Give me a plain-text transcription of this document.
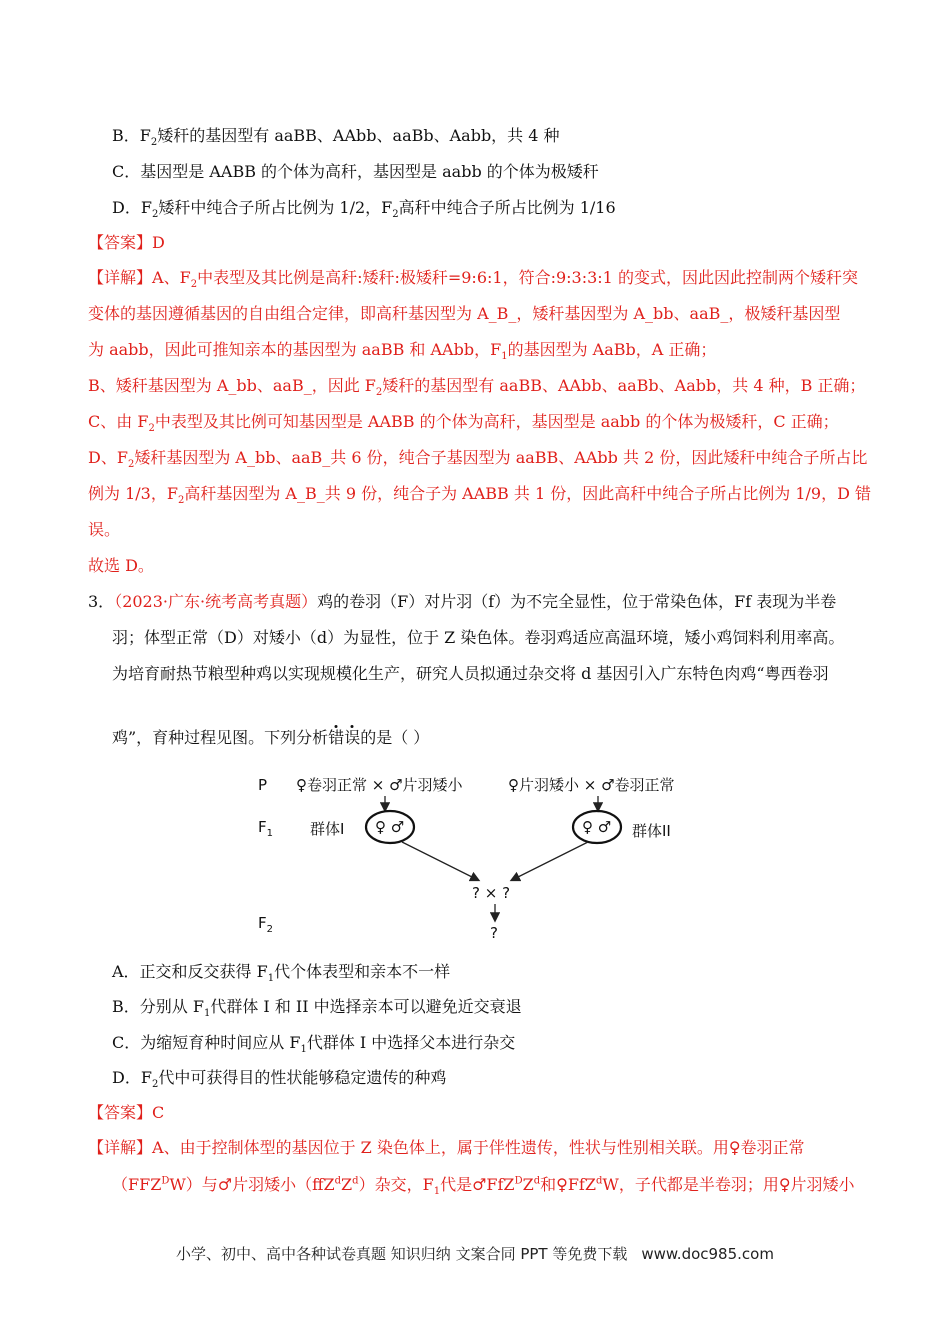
B．$F_2$矮秆的基因型有 aaBB、AAbb、aaBb、Aabb，共 4 种
C．基因型是 AABB 的个体为高秆，基因型是 aabb 的个体为极矮秆
D．$F_2$矮秆中纯合子所占比例为 1/2，$F_2$高秆中纯合子所占比例为 1/16
【答案】D
【详解】A、$F_2$中表型及其比例是高秆:矮秆:极矮秆=9:6:1，符合:9:3:3:1 的变式，因此因此控制两个矮秆突
变体的基因遵循基因的自由组合定律，即高秆基因型为 A_B_，矮秆基因型为 A_bb、aaB_，极矮秆基因型
为 aabb，因此可推知亲本的基因型为 aaBB 和 AAbb，$F_1$的基因型为 AaBb，A 正确；
B、矮秆基因型为 A_bb、aaB_，因此 $F_2$矮秆的基因型有 aaBB、AAbb、aaBb、Aabb，共 4 种，B 正确；
C、由 $F_2$中表型及其比例可知基因型是 AABB 的个体为高秆，基因型是 aabb 的个体为极矮秆，C 正确；
D、$F_2$矮秆基因型为 A_bb、aaB_共 6 份，纯合子基因型为 aaBB、AAbb 共 2 份，因此矮秆中纯合子所占比
例为 1/3，$F_2$高秆基因型为 A_B_共 9 份，纯合子为 AABB 共 1 份，因此高秆中纯合子所占比例为 1/9，D 错
误。
故选 D。
3．（2023·广东·统考高考真题）鸡的卷羽（F）对片羽（f）为不完全显性，位于常染色体，Ff 表现为半卷
羽；体型正常（D）对矮小（d）为显性，位于 Z 染色体。卷羽鸡适应高温环境，矮小鸡饲料利用率高。
为培育耐热节粮型种鸡以实现规模化生产，研究人员拟通过杂交将 d 基因引入广东特色肉鸡“粤西卷羽
鸡”，育种过程见图。下列分析错误的是（ ）
P ♀卷羽正常 × ♂片羽矮小	♀片羽矮小 × ♂卷羽正常
$F_1$ 群体I	群体II
♀ ♂	♀ ♂
? × ?
$F_2$	?
A．正交和反交获得 $F_1$代个体表型和亲本不一样
B．分别从 $F_1$代群体 I 和 II 中选择亲本可以避免近交衰退
C．为缩短育种时间应从 $F_1$代群体 I 中选择父本进行杂交
D．$F_2$代中可获得目的性状能够稳定遗传的种鸡
【答案】C
【详解】A、由于控制体型的基因位于 Z 染色体上，属于伴性遗传，性状与性别相关联。用♀卷羽正常
$(FFZ^DW)$与♂片羽矮小$(ffZ^dZ^d)$杂交，$F_1$代是$♂FfZ^DZ^d$和♀FfZ$^d$W，子代都是半卷羽；用♀片羽矮小
小学、初中、高中各种试卷真题 知识归纳 文案合同 PPT 等免费下载 www.doc985.com
